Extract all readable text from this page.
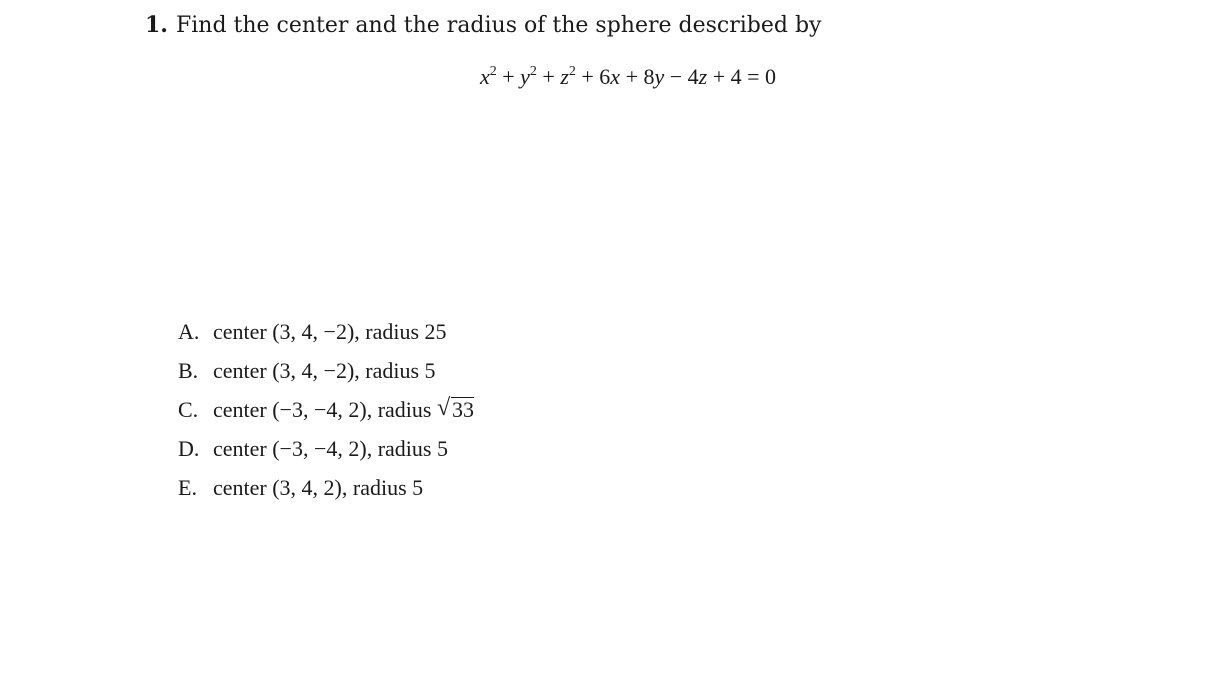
1. Find the center and the radius of the sphere described by
$x^2 + y^2 + z^2 + 6x + 8y - 4z + 4 = 0$
A. center (3, 4, −2), radius 25
B. center (3, 4, −2), radius 5
C. center (−3, −4, 2), radius √ 33
D. center (−3, −4, 2), radius 5
E. center (3, 4, 2), radius 5
